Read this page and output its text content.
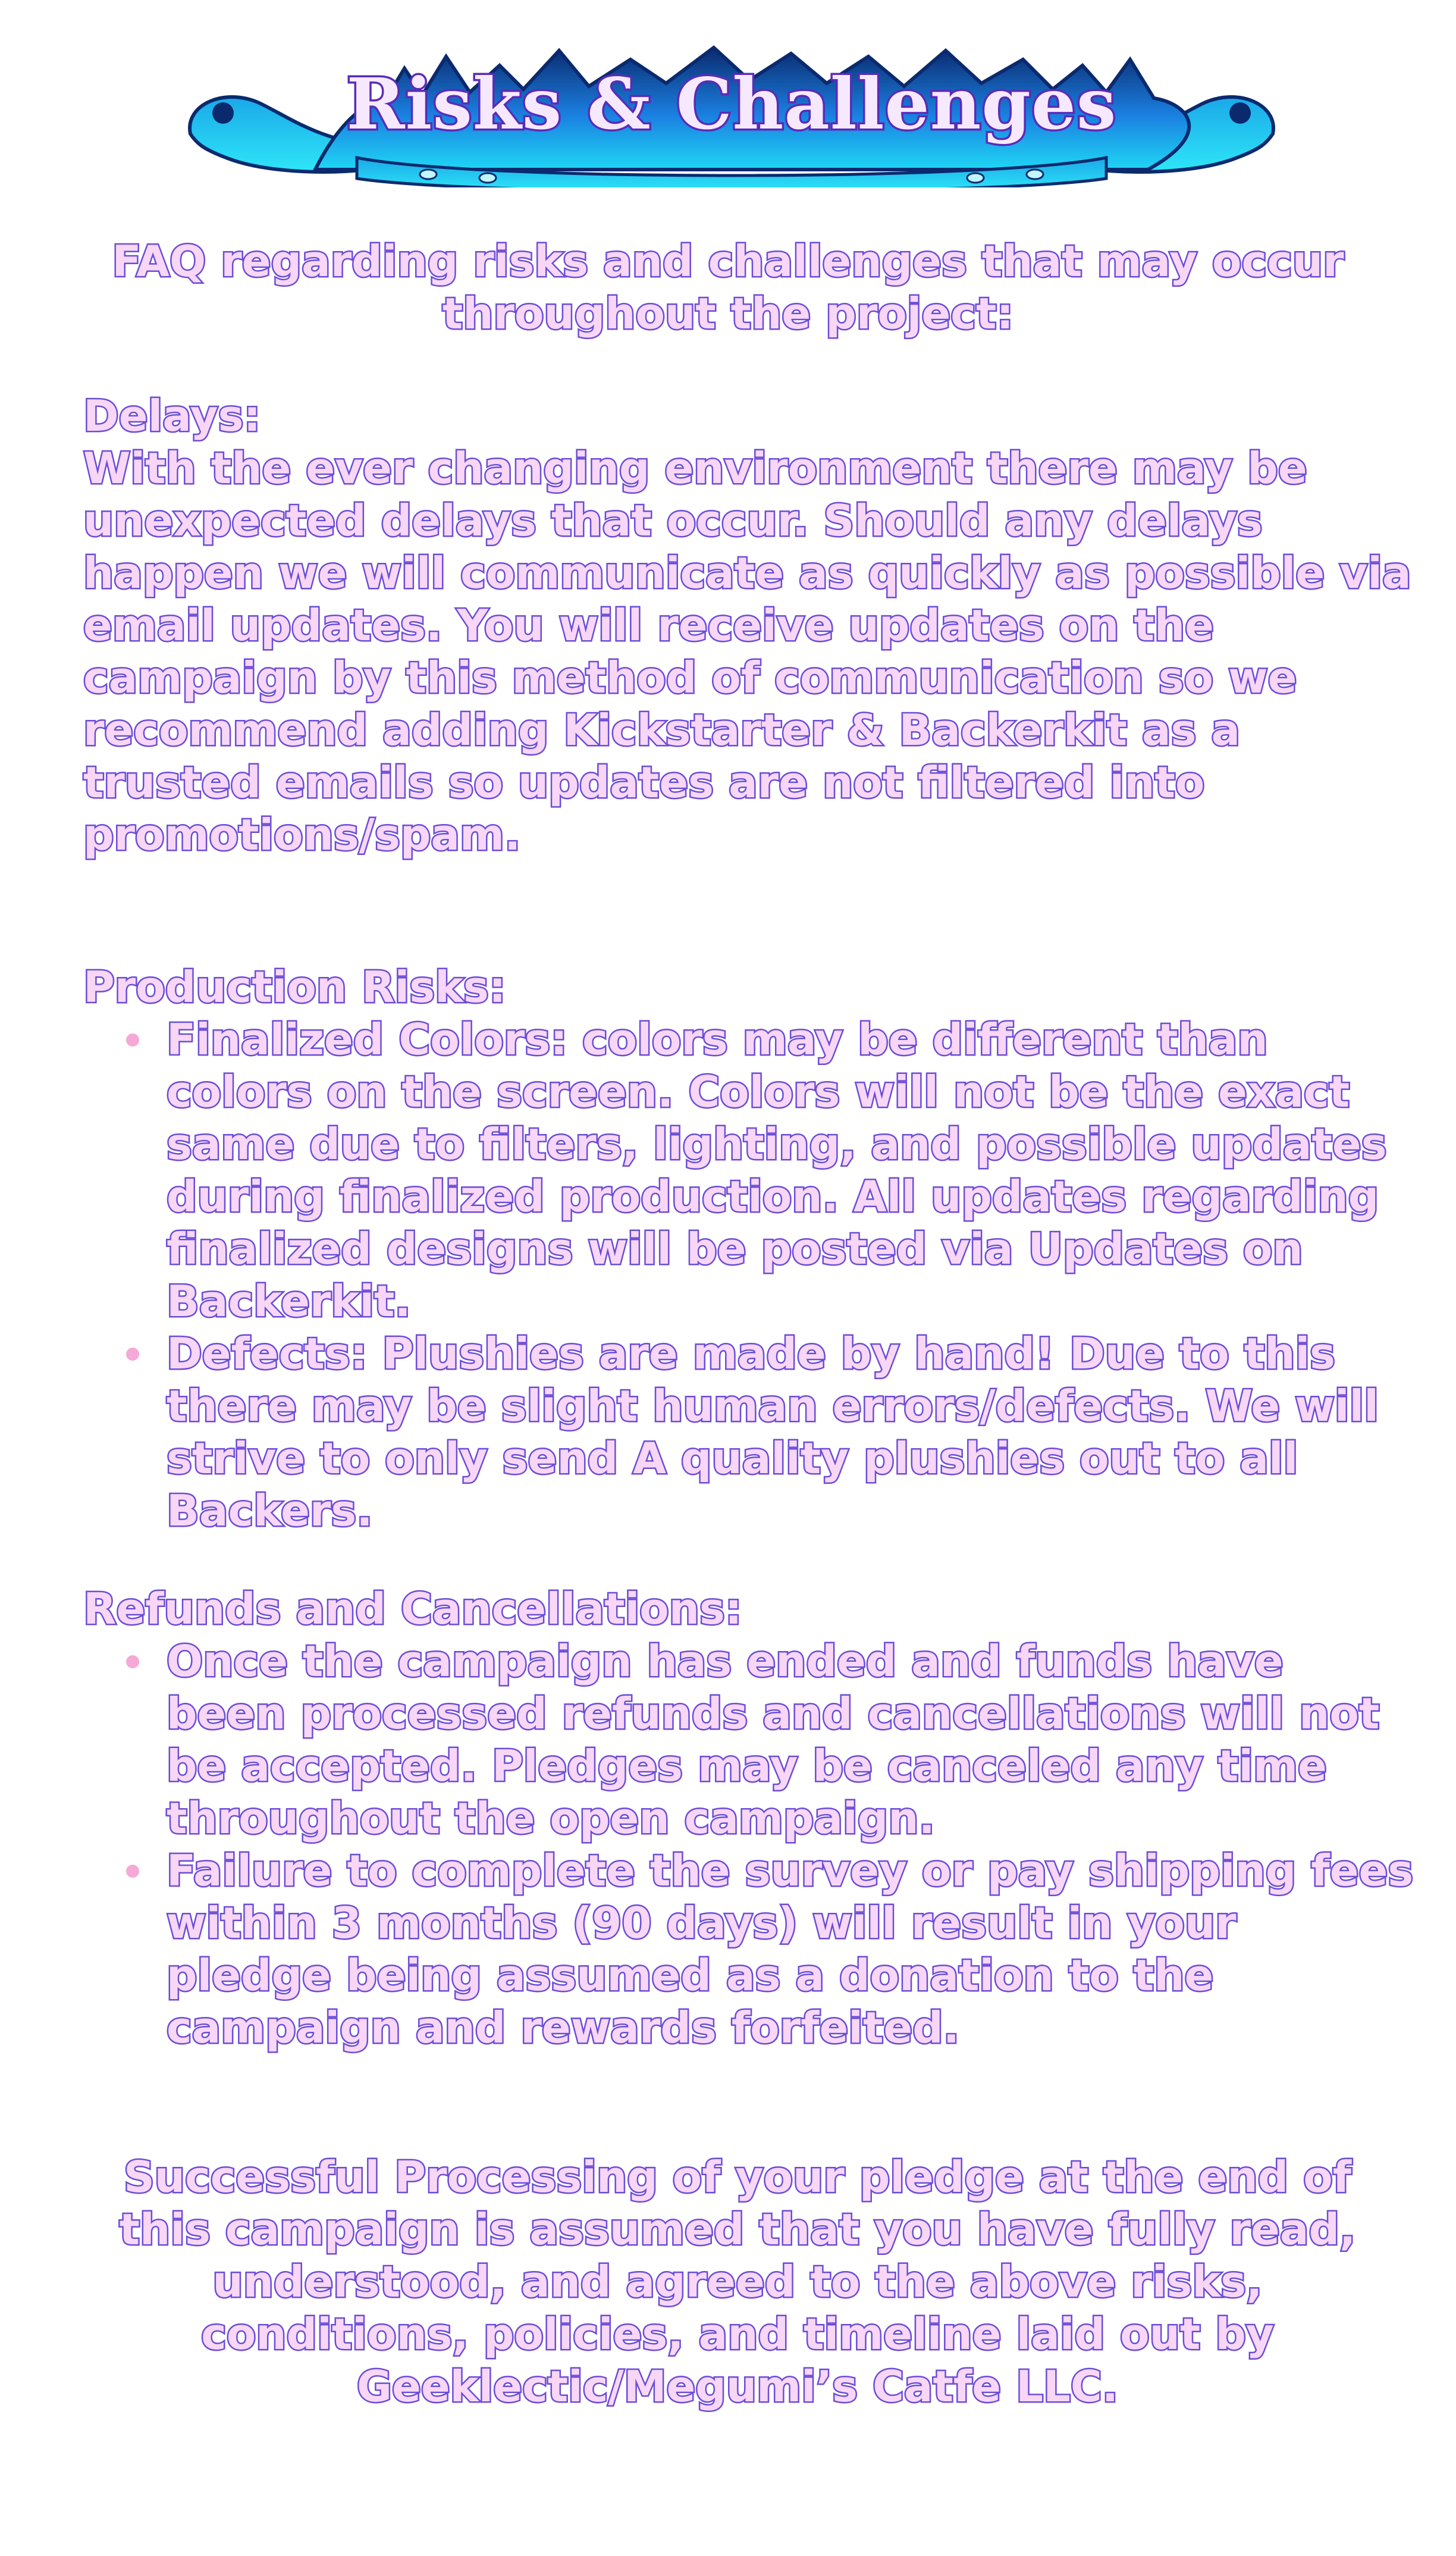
Risks & Challenges
FAQ regarding risks and challenges that may occur throughout the project:
Delays:

With the ever changing environment there may be unexpected delays that occur. Should any delays happen we will communicate as quickly as possible via email updates. You will receive updates on the campaign by this method of communication so we recommend adding Kickstarter & Backerkit as a trusted emails so updates are not filtered into promotions/spam.

Production Risks:
Finalized Colors: colors may be different than colors on the screen. Colors will not be the exact same due to filters, lighting, and possible updates during finalized production. All updates regarding finalized designs will be posted via Updates on Backerkit.
Defects: Plushies are made by hand! Due to this there may be slight human errors/defects. We will strive to only send A quality plushies out to all Backers.
Refunds and Cancellations:
Once the campaign has ended and funds have been processed refunds and cancellations will not be accepted. Pledges may be canceled any time throughout the open campaign.
Failure to complete the survey or pay shipping fees within 3 months (90 days) will result in your pledge being assumed as a donation to the campaign and rewards forfeited.
Successful Processing of your pledge at the end of this campaign is assumed that you have fully read, understood, and agreed to the above risks, conditions, policies, and timeline laid out by Geeklectic/Megumi’s Catfe LLC.
